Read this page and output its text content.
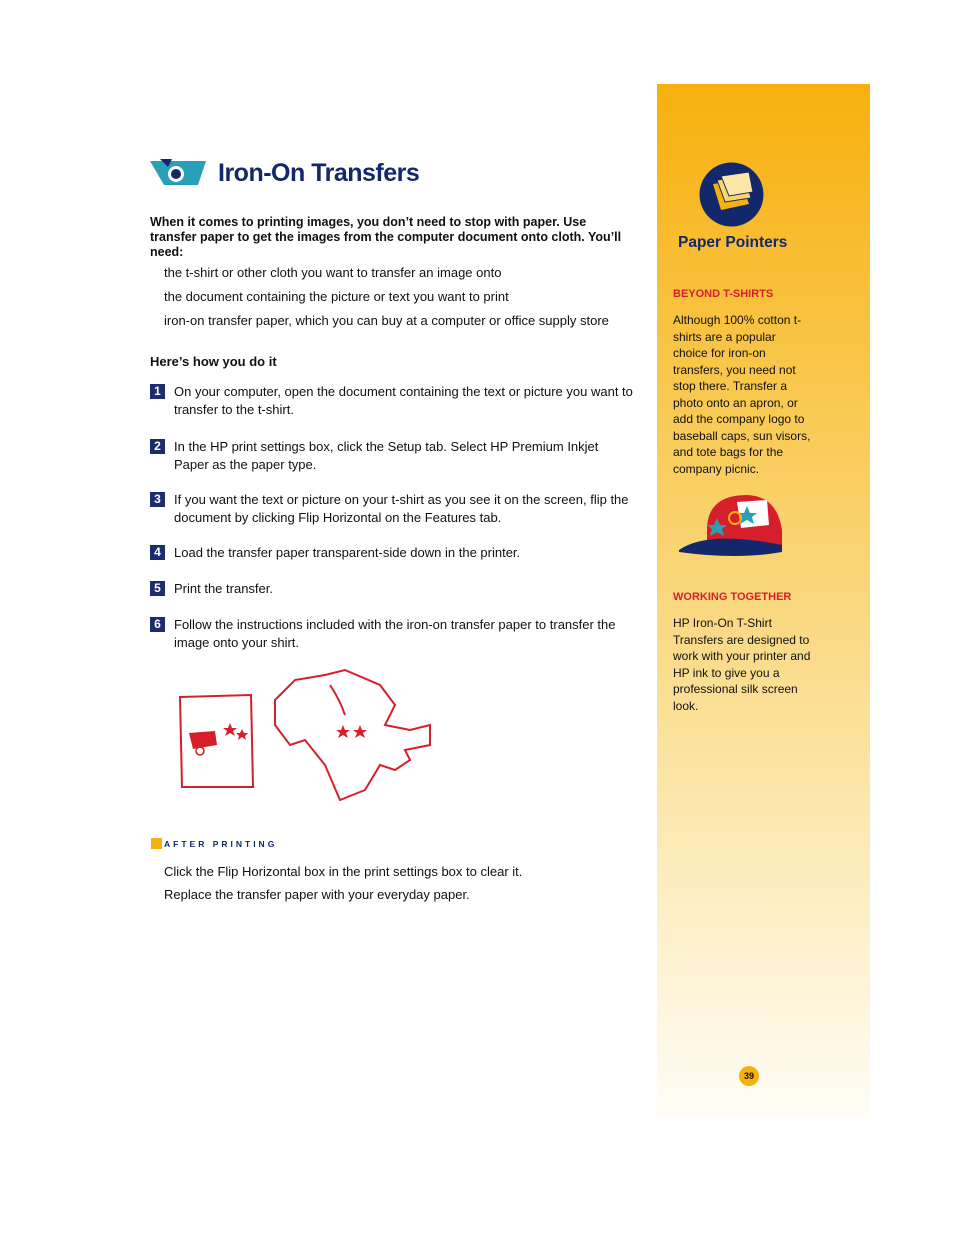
Iron-On Transfers
When it comes to printing images, you don’t need to stop with paper. Use transfer paper to get the images from the computer document onto cloth. You’ll need:
the t-shirt or other cloth you want to transfer an image onto
the document containing the picture or text you want to print
iron-on transfer paper, which you can buy at a computer or office supply store
Here’s how you do it
1	On your computer, open the document containing the text or picture you want to transfer to the t-shirt.
2	In the HP print settings box, click the Setup tab. Select HP Premium Inkjet Paper as the paper type.
3	If you want the text or picture on your t-shirt as you see it on the screen, flip the document by clicking Flip Horizontal on the Features tab.
4	Load the transfer paper transparent-side down in the printer.
5	Print the transfer.
6	Follow the instructions included with the iron-on transfer paper to transfer the image onto your shirt.
AFTER PRINTING
Click the Flip Horizontal box in the print settings box to clear it.
Replace the transfer paper with your everyday paper.
Paper Pointers
BEYOND T-SHIRTS
Although 100% cotton t-shirts are a popular choice for iron-on transfers, you need not stop there. Transfer a photo onto an apron, or add the company logo to baseball caps, sun visors, and tote bags for the company picnic.
WORKING TOGETHER
HP Iron-On T-Shirt Transfers are designed to work with your printer and HP ink to give you a professional silk screen look.
39
